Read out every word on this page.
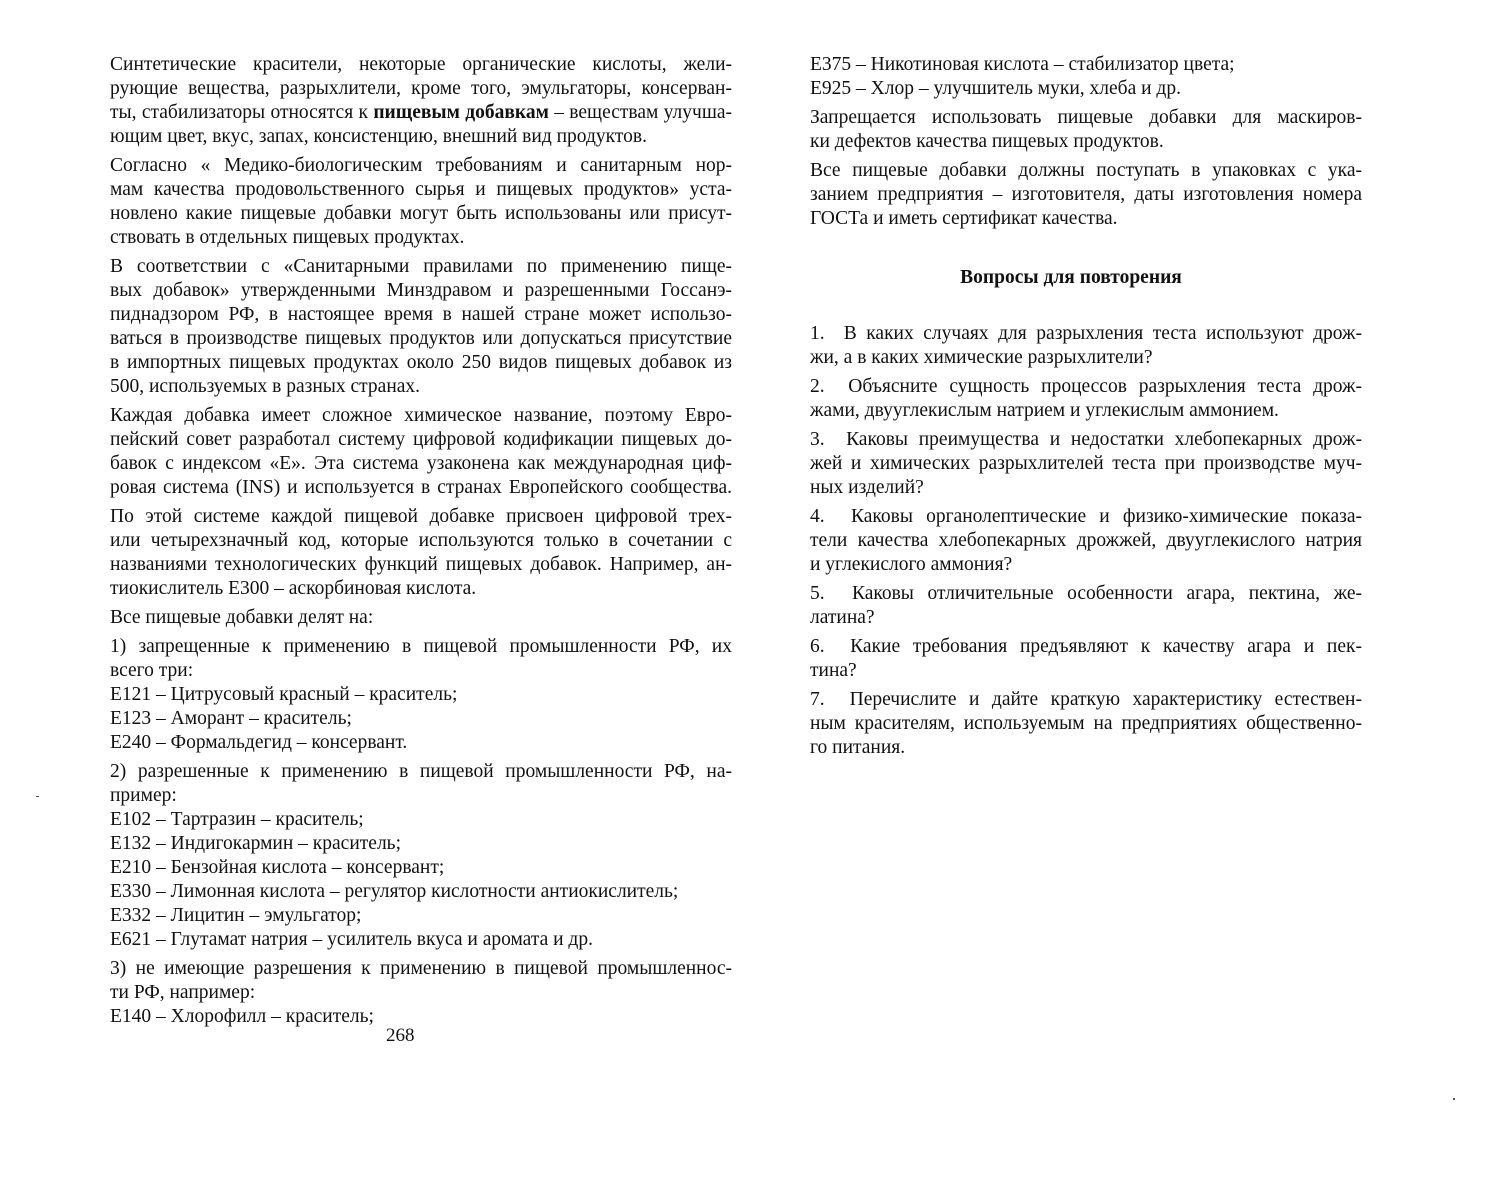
Синтетические красители, некоторые органические кислоты, жели-
рующие вещества, разрыхлители, кроме того, эмульгаторы, консерван-
ты, стабилизаторы относятся к пищевым добавкам – веществам улучша-
ющим цвет, вкус, запах, консистенцию, внешний вид продуктов.

Согласно « Медико-биологическим требованиям и санитарным нор-
мам качества продовольственного сырья и пищевых продуктов» уста-
новлено какие пищевые добавки могут быть использованы или присут-
ствовать в отдельных пищевых продуктах.

В соответствии с «Санитарными правилами по применению пище-
вых добавок» утвержденными Минздравом и разрешенными Госсанэ-
пиднадзором РФ, в настоящее время в нашей стране может использо-
ваться в производстве пищевых продуктов или допускаться присутствие
в импортных пищевых продуктах около 250 видов пищевых добавок из
500, используемых в разных странах.

Каждая добавка имеет сложное химическое название, поэтому Евро-
пейский совет разработал систему цифровой кодификации пищевых до-
бавок с индексом «Е». Эта система узаконена как международная циф-
ровая система (INS) и используется в странах Европейского сообщества.

По этой системе каждой пищевой добавке присвоен цифровой трех-
или четырехзначный код, которые используются только в сочетании с
названиями технологических функций пищевых добавок. Например, ан-
тиокислитель Е300 – аскорбиновая кислота.

Все пищевые добавки делят на:

1) запрещенные к применению в пищевой промышленности РФ, их
всего три:

Е121 – Цитрусовый красный – краситель;

Е123 – Аморант – краситель;

Е240 – Формальдегид – консервант.

2) разрешенные к применению в пищевой промышленности РФ, на-
пример:

Е102 – Тартразин – краситель;

Е132 – Индигокармин – краситель;

Е210 – Бензойная кислота – консервант;

Е330 – Лимонная кислота – регулятор кислотности антиокислитель;

Е332 – Лицитин – эмульгатор;

Е621 – Глутамат натрия – усилитель вкуса и аромата и др.

3) не имеющие разрешения к применению в пищевой промышленнос-
ти РФ, например:

Е140 – Хлорофилл – краситель;

268

Е375 – Никотиновая кислота – стабилизатор цвета;

Е925 – Хлор – улучшитель муки, хлеба и др.

Запрещается использовать пищевые добавки для маскиров-
ки дефектов качества пищевых продуктов.

Все пищевые добавки должны поступать в упаковках с ука-
занием предприятия – изготовителя, даты изготовления номера
ГОСТа и иметь сертификат качества.

Вопросы для повторения

1. В каких случаях для разрыхления теста используют дрож-
жи, а в каких химические разрыхлители?

2. Объясните сущность процессов разрыхления теста дрож-
жами, двууглекислым натрием и углекислым аммонием.

3. Каковы преимущества и недостатки хлебопекарных дрож-
жей и химических разрыхлителей теста при производстве муч-
ных изделий?

4. Каковы органолептические и физико-химические показа-
тели качества хлебопекарных дрожжей, двууглекислого натрия
и углекислого аммония?

5. Каковы отличительные особенности агара, пектина, же-
латина?

6. Какие требования предъявляют к качеству агара и пек-
тина?

7. Перечислите и дайте краткую характеристику естествен-
ным красителям, используемым на предприятиях общественно-
го питания.
